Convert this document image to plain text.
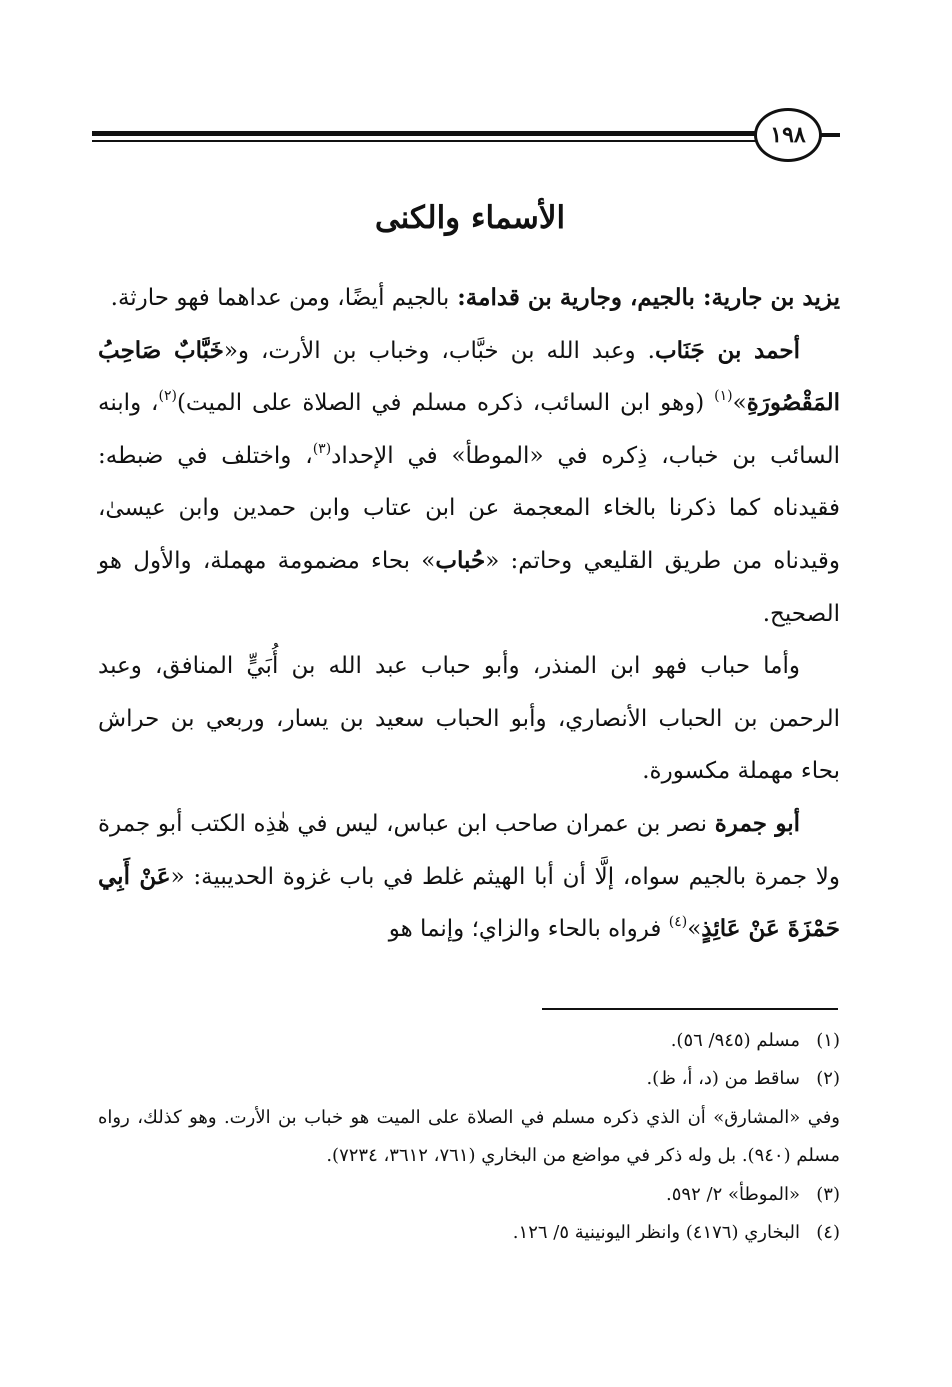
١٩٨
الأسماء والكنى

يزيد بن جارية: بالجيم، وجارية بن قدامة: بالجيم أيضًا، ومن عداهما فهو حارثة.

أحمد بن جَنَاب. وعبد الله بن خبَّاب، وخباب بن الأرت، و«خَبَّابٌ صَاحِبُ المَقْصُورَةِ»$^{(١)}$ (وهو ابن السائب، ذكره مسلم في الصلاة على الميت)$^{(٢)}$، وابنه السائب بن خباب، ذِكره في «الموطأ» في الإحداد$^{(٣)}$، واختلف في ضبطه: فقيدناه كما ذكرنا بالخاء المعجمة عن ابن عتاب وابن حمدين وابن عيسىٰ، وقيدناه من طريق القليعي وحاتم: «حُباب» بحاء مضمومة مهملة، والأول هو الصحيح.

وأما حباب فهو ابن المنذر، وأبو حباب عبد الله بن أُبَيٍّ المنافق، وعبد الرحمن بن الحباب الأنصاري، وأبو الحباب سعيد بن يسار، وربعي بن حراش بحاء مهملة مكسورة.

أبو جمرة نصر بن عمران صاحب ابن عباس، ليس في هٰذِه الكتب أبو جمرة ولا جمرة بالجيم سواه، إلَّا أن أبا الهيثم غلط في باب غزوة الحديبية: «عَنْ أَبِي حَمْزَةَ عَنْ عَائِذٍ»$^{(٤)}$ فرواه بالحاء والزاي؛ وإنما هو

(١)
مسلم (٩٤٥/ ٥٦).
(٢)
ساقط من (د، أ، ظ).

وفي «المشارق» أن الذي ذكره مسلم في الصلاة على الميت هو خباب بن الأرت. وهو كذلك، رواه مسلم (٩٤٠). بل وله ذكر في مواضع من البخاري (٧٦١، ٣٦١٢، ٧٢٣٤).

(٣)
«الموطأ» ٢/ ٥٩٢.
(٤)
البخاري (٤١٧٦) وانظر اليونينية ٥/ ١٢٦.
